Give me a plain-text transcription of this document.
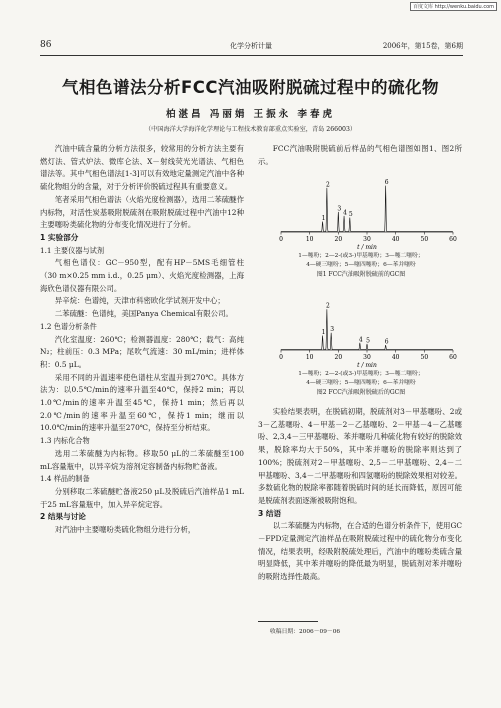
百度文库 http://wenku.baidu.com
86	化学分析计量	2006年，第15卷，第6期
气相色谱法分析FCC汽油吸附脱硫过程中的硫化物
柏湛昌 冯丽娟 王振永 李春虎
（中国海洋大学海洋化学理论与工程技术教育部重点实验室，青岛 266003）

汽油中硫含量的分析方法很多，较常用的分析方法主要有燃灯法、管式炉法、微库仑法、X－射线荧光光谱法、气相色谱法等。其中气相色谱法[1-3]可以有效地定量测定汽油中各种硫化物组分的含量，对于分析评价脱硫过程具有重要意义。

笔者采用气相色谱法（火焰光度检测器），选用二苯硫醚作内标物，对活性炭基吸附脱硫剂在吸附脱硫过程中汽油中12种主要噻吩类硫化物的分布变化情况进行了分析。

1 实验部分
1.1 主要仪器与试剂

气相色谱仪：GC－950型，配有HP－5MS毛细管柱（30 m×0.25 mm i.d.，0.25 μm）、火焰光度检测器，上海海欣色谱仪器有限公司。

异辛烷：色谱纯，天津市科密欧化学试剂开发中心；

二苯硫醚：色谱纯，美国Panya Chemical有限公司。

1.2 色谱分析条件

汽化室温度：260℃；检测器温度：280℃；载气：高纯N₂；柱前压：0.3 MPa；尾吹气流速：30 mL/min；进样体积：0.5 μL。

采用不同的升温速率使色谱柱从室温升到270℃。具体方法为：以0.5℃/min的速率升温至40℃，保持2 min；再以1.0℃/min的速率升温至45℃，保持1 min；然后再以2.0℃/min的速率升温至60℃，保持1 min；继而以10.0℃/min的速率升温至270℃，保持至分析结束。

1.3 内标化合物

选用二苯硫醚为内标物。移取50 μL的二苯硫醚至100 mL容量瓶中，以异辛烷为溶剂定容制备内标物贮备液。

1.4 样品的制备

分别移取二苯硫醚贮备液250 μL及脱硫后汽油样品1 mL于25 mL容量瓶中，加入异辛烷定容。

2 结果与讨论

对汽油中主要噻吩类硫化物组分进行分析，

FCC汽油吸附脱硫前后样品的气相色谱图如图1、图2所示。

0	10	20	30	40	50	60
t / min
1
2
3
4 5
6
1—噻吩；2—2-(或3-)甲基噻吩；3—噻二噻吩；
4—硬三噻吩；5—噻四噻吩；6—苯并噻吩
图1 FCC汽油吸附脱硫前的GC图
0	10	20	30	40	50	60
t / min
1
2
3
4 5 6
1—噻吩；2—2-(或3-)甲基噻吩；3—噻二噻吩；
4—硬三噻吩；5—噻四噻吩；6—苯并噻吩
图2 FCC汽油吸附脱硫后的GC图

实验结果表明，在脱硫初期，脱硫剂对3－甲基噻吩、2或3－乙基噻吩、4－甲基－2－乙基噻吩、2－甲基－4－乙基噻吩、2,3,4－三甲基噻吩、苯并噻吩几种硫化物有较好的脱除效果，脱除率均大于50%，其中苯并噻吩的脱除率则达到了100%；脱硫剂对2－甲基噻吩、2,5－二甲基噻吩、2,4－二甲基噻吩、3,4－二甲基噻吩和四氢噻吩的脱除效果相对较差。多数硫化物的脱除率都随着脱硫时间的延长而降低，原因可能是脱硫剂表面逐渐被吸附饱和。

3 结语

以二苯硫醚为内标物，在合适的色谱分析条件下，使用GC－FPD定量测定汽油样品在吸附脱硫过程中的硫化物分布变化情况，结果表明，经吸附脱硫处理后，汽油中的噻吩类硫含量明显降低，其中苯并噻吩的降低最为明显，脱硫剂对苯并噻吩的吸附选择性最高。

收稿日期：2006－09－06
